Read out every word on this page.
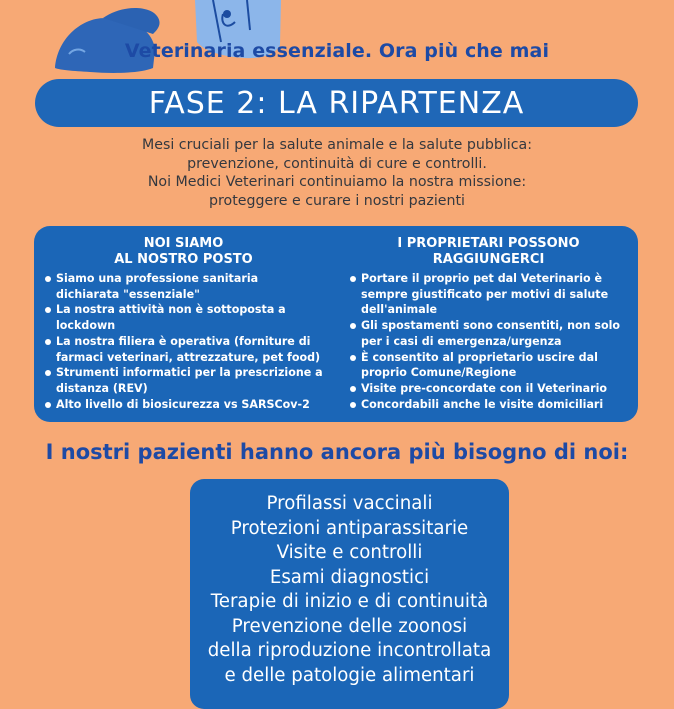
Veterinaria essenziale. Ora più che mai
FASE 2: LA RIPARTENZA
Mesi cruciali per la salute animale e la salute pubblica:
prevenzione, continuità di cure e controlli.
Noi Medici Veterinari continuiamo la nostra missione:
proteggere e curare i nostri pazienti
NOI SIAMO
AL NOSTRO POSTO
Siamo una professione sanitaria dichiarata "essenziale"
La nostra attività non è sottoposta a lockdown
La nostra filiera è operativa (forniture di farmaci veterinari, attrezzature, pet food)
Strumenti informatici per la prescrizione a distanza (REV)
Alto livello di biosicurezza vs SARSCov-2
I PROPRIETARI POSSONO
RAGGIUNGERCI
Portare il proprio pet dal Veterinario è sempre giustificato per motivi di salute dell'animale
Gli spostamenti sono consentiti, non solo per i casi di emergenza/urgenza
È consentito al proprietario uscire dal proprio Comune/Regione
Visite pre-concordate con il Veterinario
Concordabili anche le visite domiciliari
I nostri pazienti hanno ancora più bisogno di noi:
Profilassi vaccinali
Protezioni antiparassitarie
Visite e controlli
Esami diagnostici
Terapie di inizio e di continuità
Prevenzione delle zoonosi
della riproduzione incontrollata
e delle patologie alimentari
